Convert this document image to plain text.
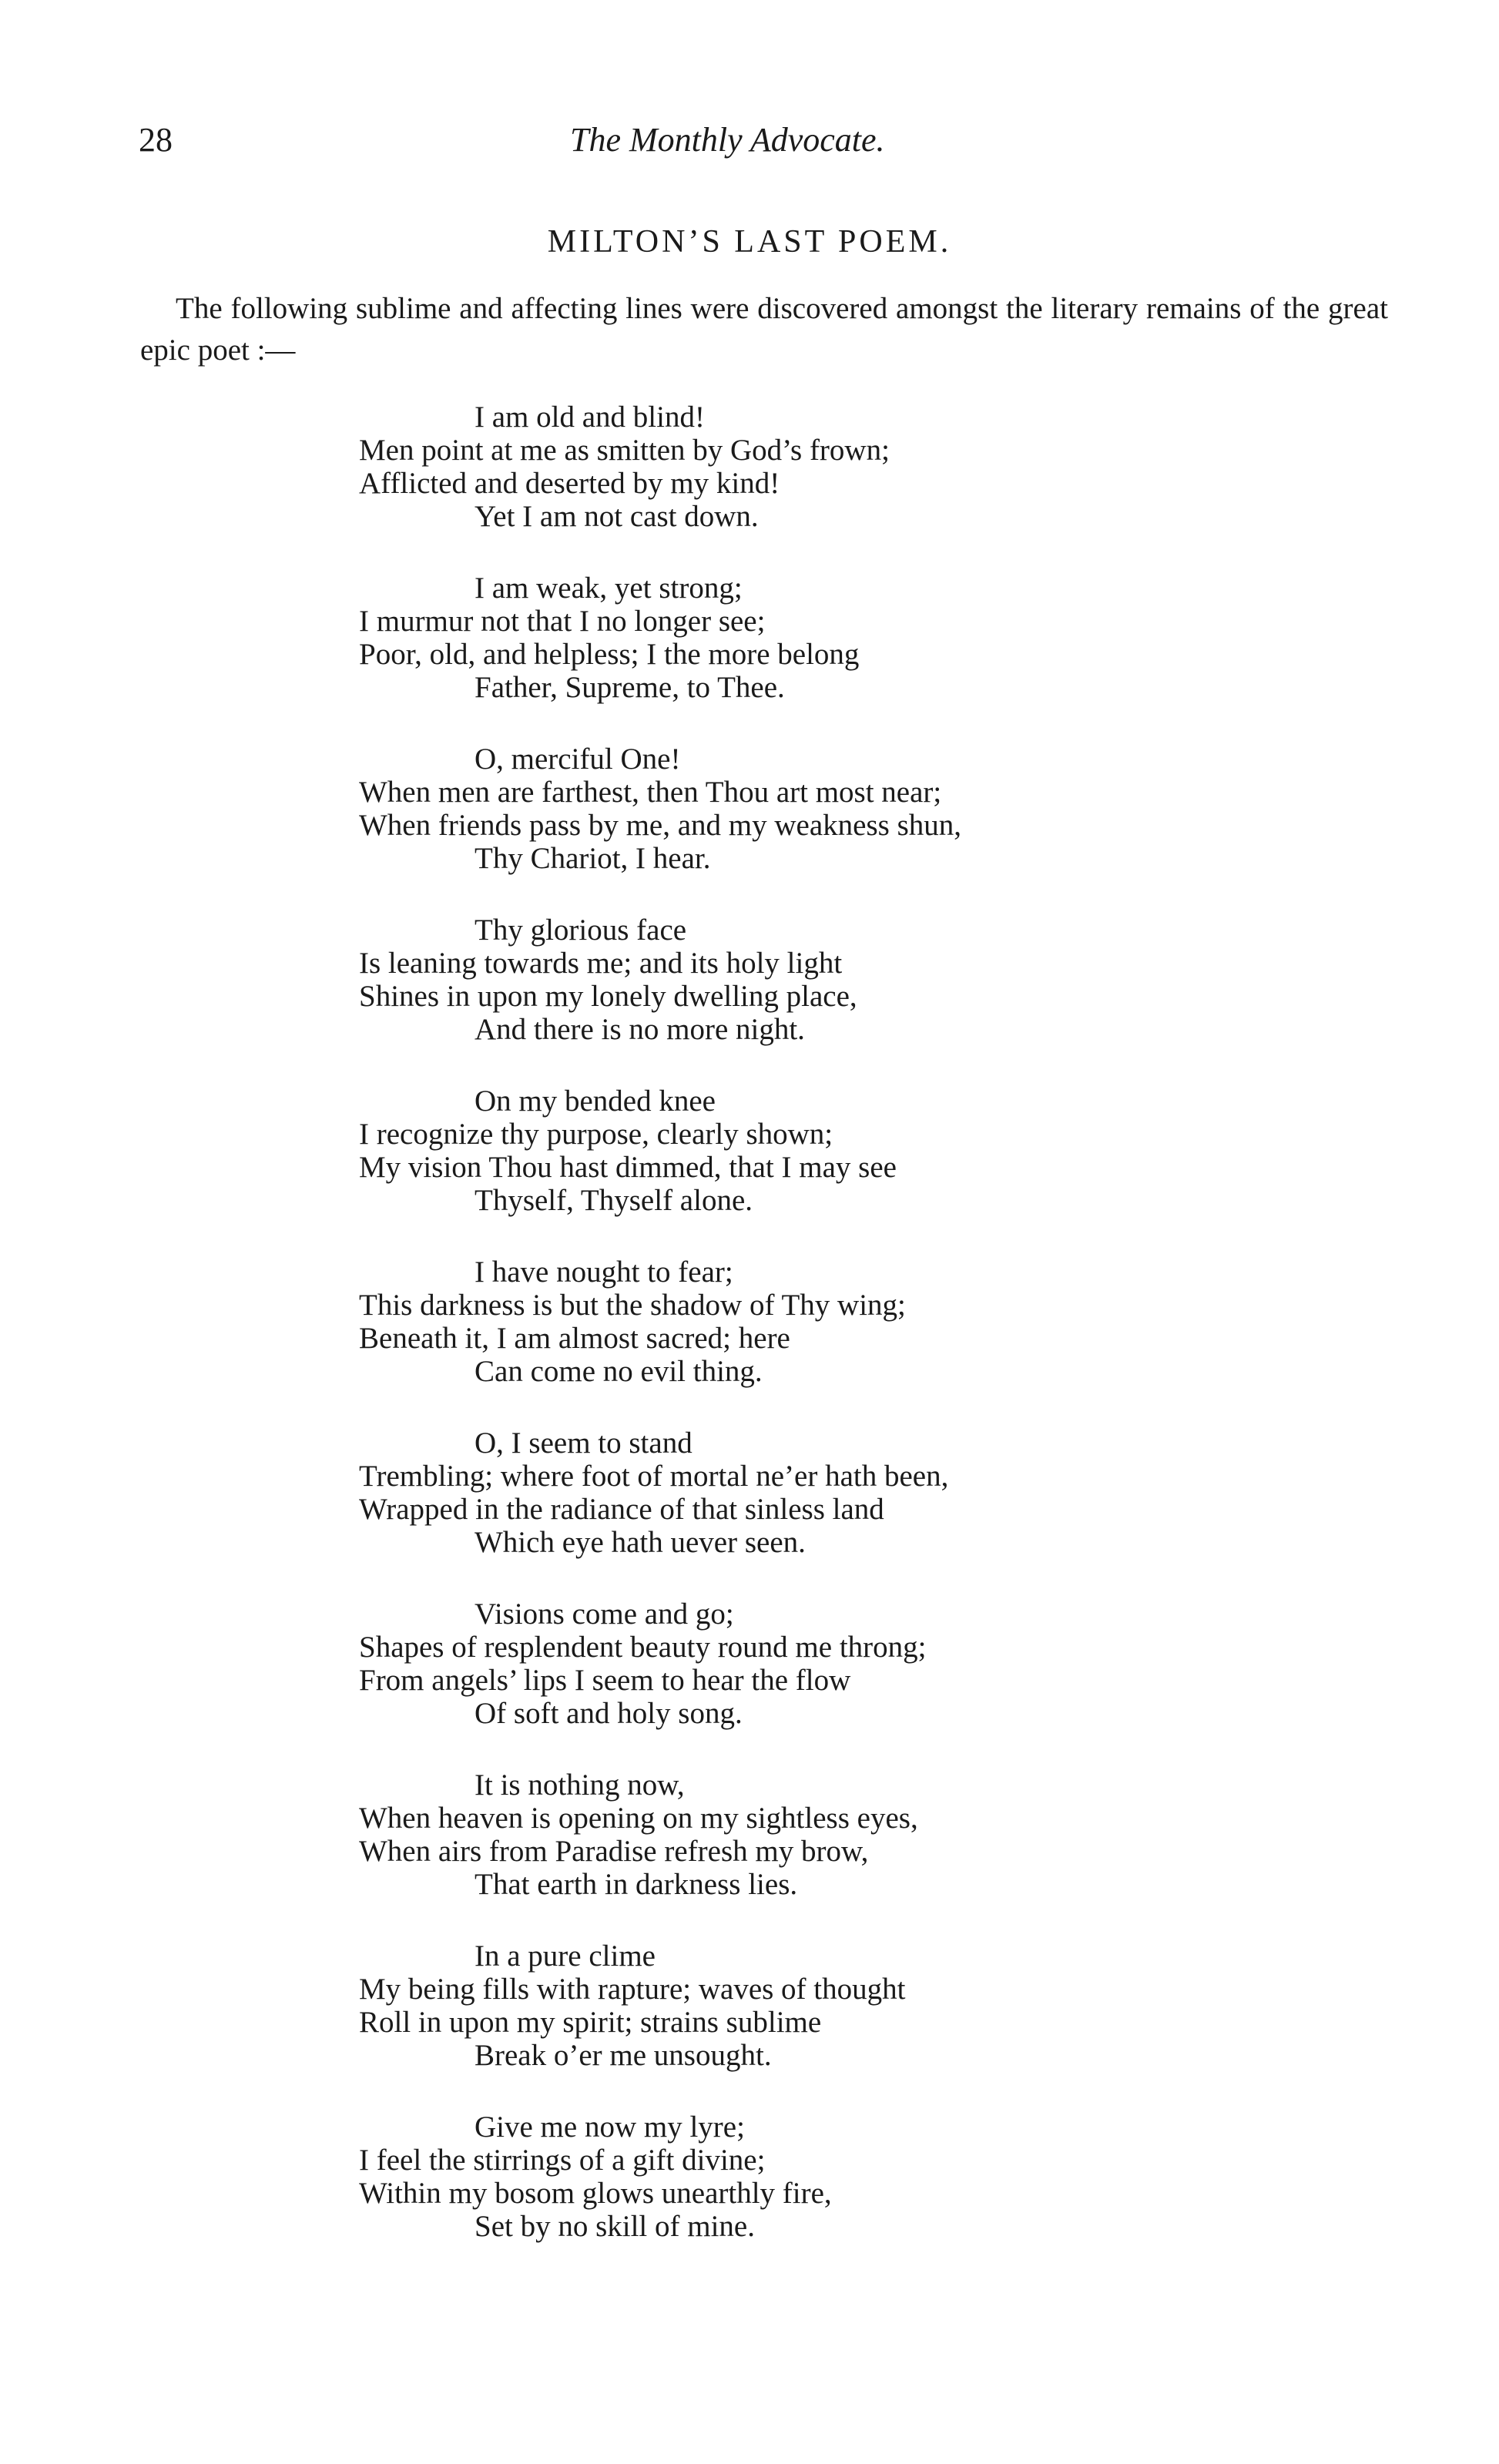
28	The Monthly Advocate.
MILTON’S LAST POEM.

The following sublime and affecting lines were discovered amongst the literary remains of the great epic poet :—

I am old and blind!
Men point at me as smitten by God’s frown;
Afflicted and deserted by my kind!
Yet I am not cast down.
I am weak, yet strong;
I murmur not that I no longer see;
Poor, old, and helpless; I the more belong
Father, Supreme, to Thee.
O, merciful One!
When men are farthest, then Thou art most near;
When friends pass by me, and my weakness shun,
Thy Chariot, I hear.
Thy glorious face
Is leaning towards me; and its holy light
Shines in upon my lonely dwelling place,
And there is no more night.
On my bended knee
I recognize thy purpose, clearly shown;
My vision Thou hast dimmed, that I may see
Thyself, Thyself alone.
I have nought to fear;
This darkness is but the shadow of Thy wing;
Beneath it, I am almost sacred; here
Can come no evil thing.
O, I seem to stand
Trembling; where foot of mortal ne’er hath been,
Wrapped in the radiance of that sinless land
Which eye hath uever seen.
Visions come and go;
Shapes of resplendent beauty round me throng;
From angels’ lips I seem to hear the flow
Of soft and holy song.
It is nothing now,
When heaven is opening on my sightless eyes,
When airs from Paradise refresh my brow,
That earth in darkness lies.
In a pure clime
My being fills with rapture; waves of thought
Roll in upon my spirit; strains sublime
Break o’er me unsought.
Give me now my lyre;
I feel the stirrings of a gift divine;
Within my bosom glows unearthly fire,
Set by no skill of mine.
